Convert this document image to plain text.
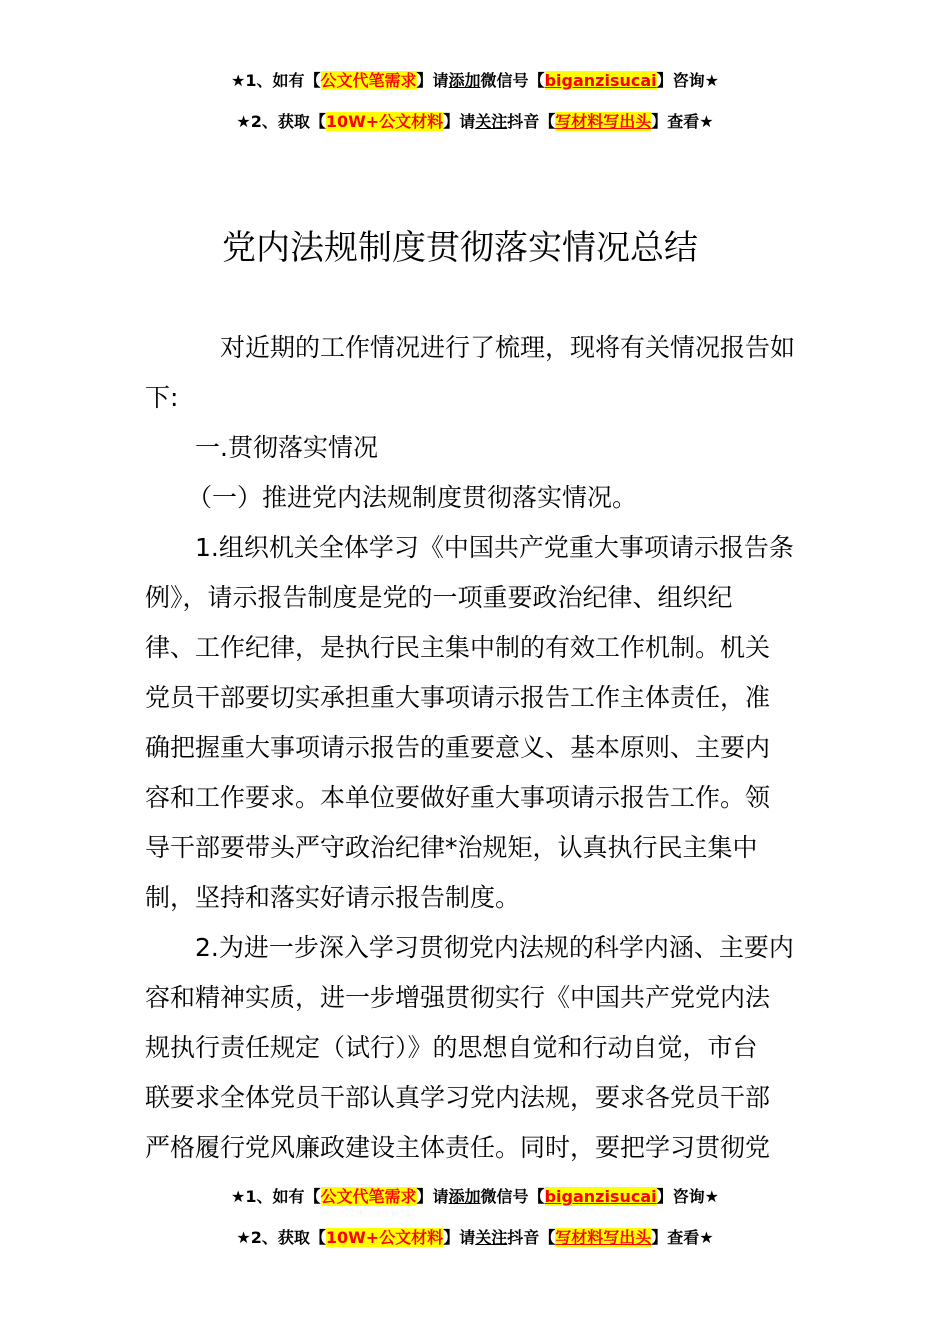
★1、如有【公文代笔需求】请添加微信号【biganzisucai】咨询★
★2、获取【10W+公文材料】请关注抖音【写材料写出头】查看★
党内法规制度贯彻落实情况总结
对近期的工作情况进行了梳理，现将有关情况报告如
下:
一.贯彻落实情况
（一）推进党内法规制度贯彻落实情况。
1.组织机关全体学习《中国共产党重大事项请示报告条
例》，请示报告制度是党的一项重要政治纪律、组织纪
律、工作纪律，是执行民主集中制的有效工作机制。机关
党员干部要切实承担重大事项请示报告工作主体责任，准
确把握重大事项请示报告的重要意义、基本原则、主要内
容和工作要求。本单位要做好重大事项请示报告工作。领
导干部要带头严守政治纪律*治规矩，认真执行民主集中
制，坚持和落实好请示报告制度。
2.为进一步深入学习贯彻党内法规的科学内涵、主要内
容和精神实质，进一步增强贯彻实行《中国共产党党内法
规执行责任规定（试行）》的思想自觉和行动自觉，市台
联要求全体党员干部认真学习党内法规，要求各党员干部
严格履行党风廉政建设主体责任。同时，要把学习贯彻党
★1、如有【公文代笔需求】请添加微信号【biganzisucai】咨询★
★2、获取【10W+公文材料】请关注抖音【写材料写出头】查看★
